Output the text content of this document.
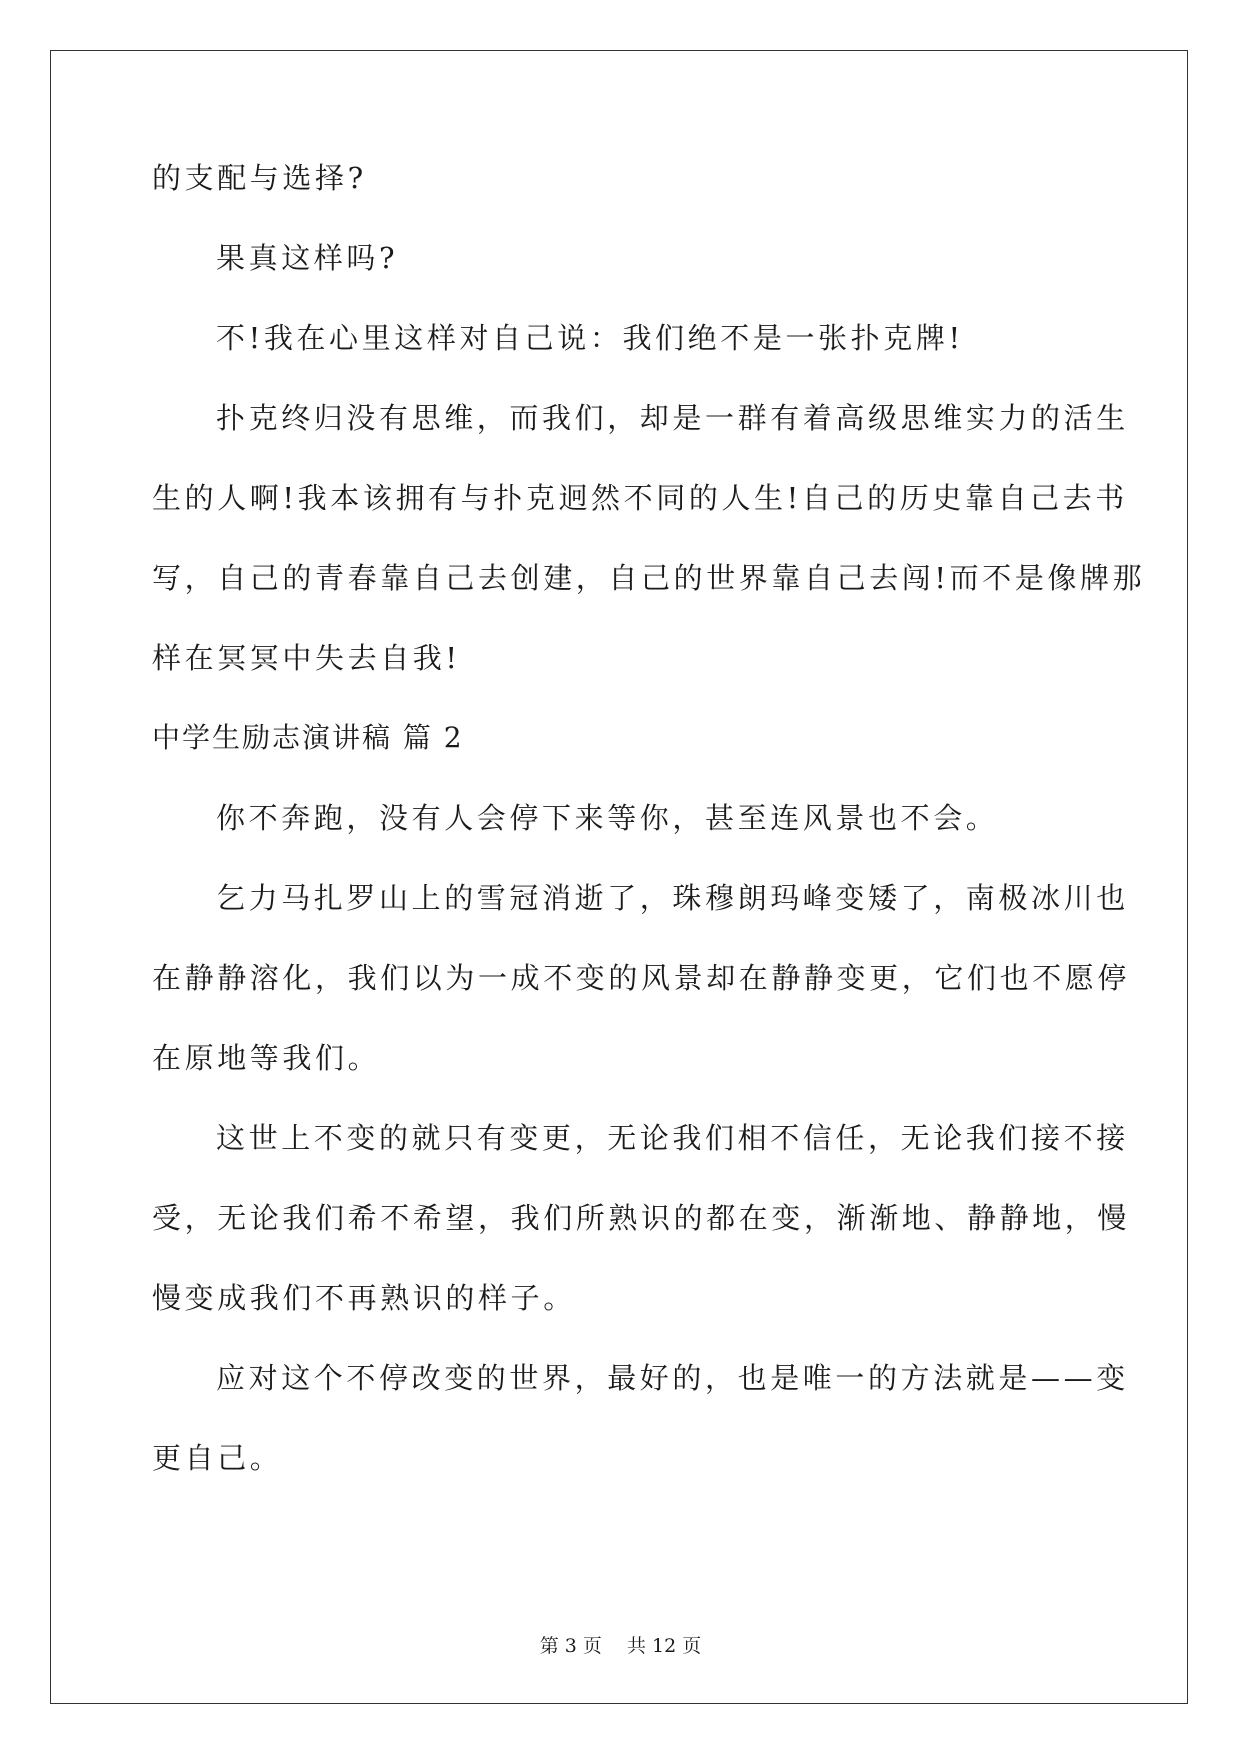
的支配与选择?
果真这样吗?
不!我在心里这样对自己说：我们绝不是一张扑克牌!
扑克终归没有思维，而我们，却是一群有着高级思维实力的活生
生的人啊!我本该拥有与扑克迥然不同的人生!自己的历史靠自己去书
写，自己的青春靠自己去创建，自己的世界靠自己去闯!而不是像牌那
样在冥冥中失去自我!
中学生励志演讲稿 篇 2
你不奔跑，没有人会停下来等你，甚至连风景也不会。
乞力马扎罗山上的雪冠消逝了，珠穆朗玛峰变矮了，南极冰川也
在静静溶化，我们以为一成不变的风景却在静静变更，它们也不愿停
在原地等我们。
这世上不变的就只有变更，无论我们相不信任，无论我们接不接
受，无论我们希不希望，我们所熟识的都在变，渐渐地、静静地，慢
慢变成我们不再熟识的样子。
应对这个不停改变的世界，最好的，也是唯一的方法就是——变
更自己。
第 3 页　 共 12 页
